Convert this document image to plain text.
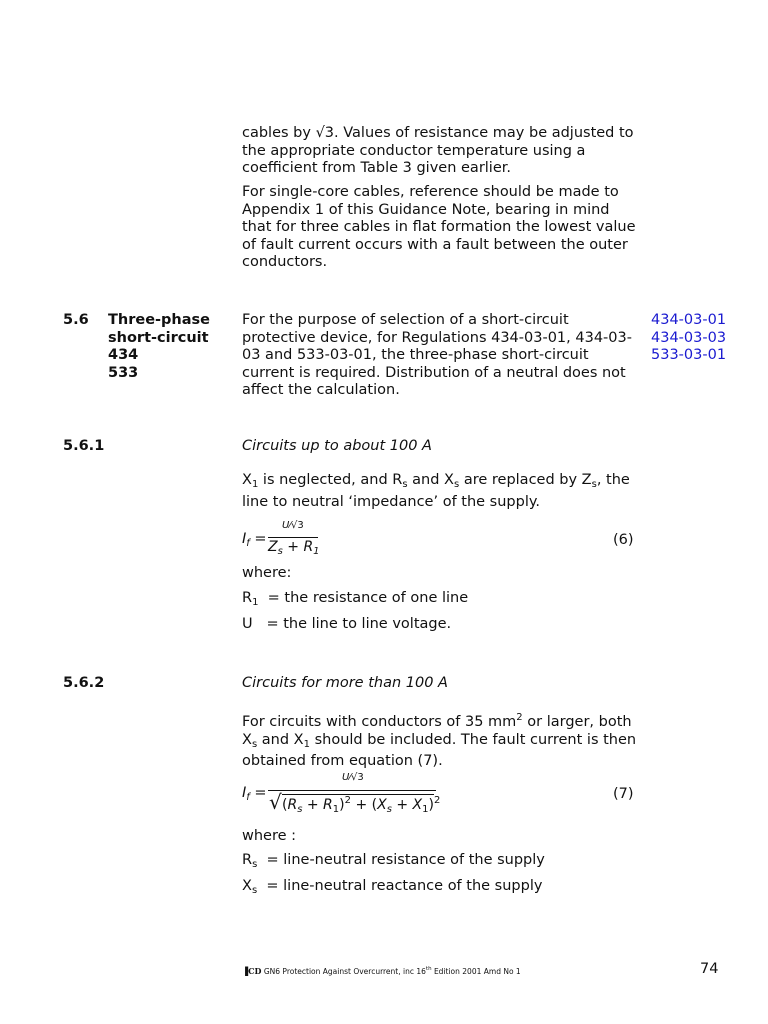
cables by √3. Values of resistance may be adjusted to the appropriate conductor temperature using a coefficient from Table 3 given earlier.
For single-core cables, reference should be made to Appendix 1 of this Guidance Note, bearing in mind that for three cables in flat formation the lowest value of fault current occurs with a fault between the outer conductors.
5.6 Three-phase
short-circuit
434
533
For the purpose of selection of a short-circuit protective device, for Regulations 434-03-01, 434-03-03 and 533-03-01, the three-phase short-circuit current is required. Distribution of a neutral does not affect the calculation.
434-03-01
434-03-03
533-03-01
5.6.1	Circuits up to about 100 A
$X_1$ is neglected, and $R_s$ and $X_s$ are replaced by $Z_s$, the line to neutral ‘impedance’ of the supply.
$I_f$ =
U⁄√3
$Z_s + R_1$
(6)
where:
$R_1$ = the resistance of one line
U = the line to line voltage.
5.6.2	Circuits for more than 100 A
For circuits with conductors of 35 $mm^2$ or larger, both $X_s$ and $X_1$ should be included. The fault current is then obtained from equation (7).
$I_f$ =
U⁄√3
√ $(R_s + R_1)^2 + (X_s + X_1)^2$	(7)
where :
$R_s$ = line-neutral resistance of the supply
$X_s$ = line-neutral reactance of the supply
▐CD GN6 Protection Against Overcurrent, inc 16th Edition 2001 Amd No 1	74
